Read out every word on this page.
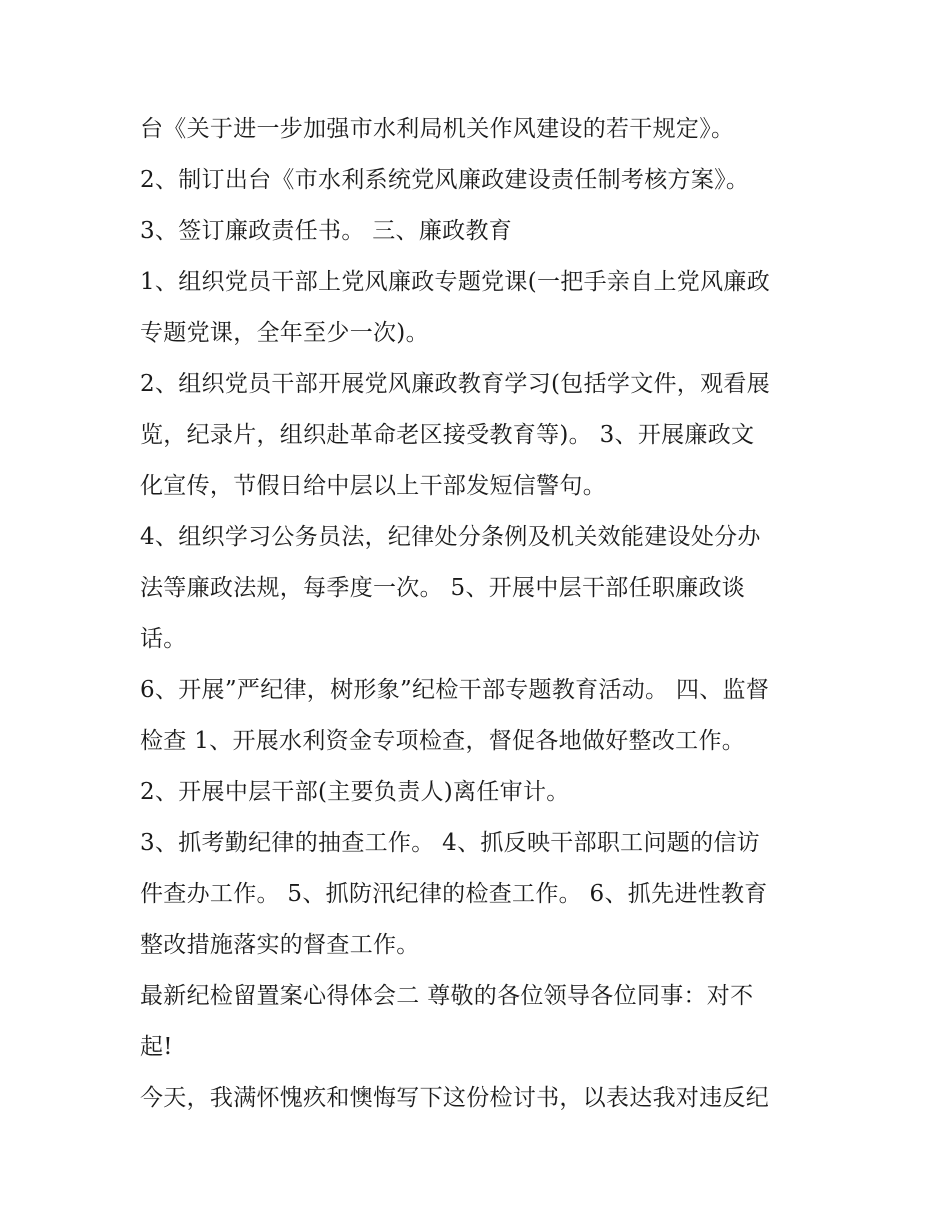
台《关于进一步加强市水利局机关作风建设的若干规定》。
2、制订出台《市水利系统党风廉政建设责任制考核方案》。
3、签订廉政责任书。 三、廉政教育
1、组织党员干部上党风廉政专题党课(一把手亲自上党风廉政
专题党课，全年至少一次)。
2、组织党员干部开展党风廉政教育学习(包括学文件，观看展
览，纪录片，组织赴革命老区接受教育等)。 3、开展廉政文
化宣传，节假日给中层以上干部发短信警句。
4、组织学习公务员法，纪律处分条例及机关效能建设处分办
法等廉政法规，每季度一次。 5、开展中层干部任职廉政谈
话。
6、开展”严纪律，树形象”纪检干部专题教育活动。 四、监督
检查 1、开展水利资金专项检查，督促各地做好整改工作。
2、开展中层干部(主要负责人)离任审计。
3、抓考勤纪律的抽查工作。 4、抓反映干部职工问题的信访
件查办工作。 5、抓防汛纪律的检查工作。 6、抓先进性教育
整改措施落实的督查工作。
最新纪检留置案心得体会二 尊敬的各位领导各位同事：对不
起!
今天，我满怀愧疚和懊悔写下这份检讨书，以表达我对违反纪
